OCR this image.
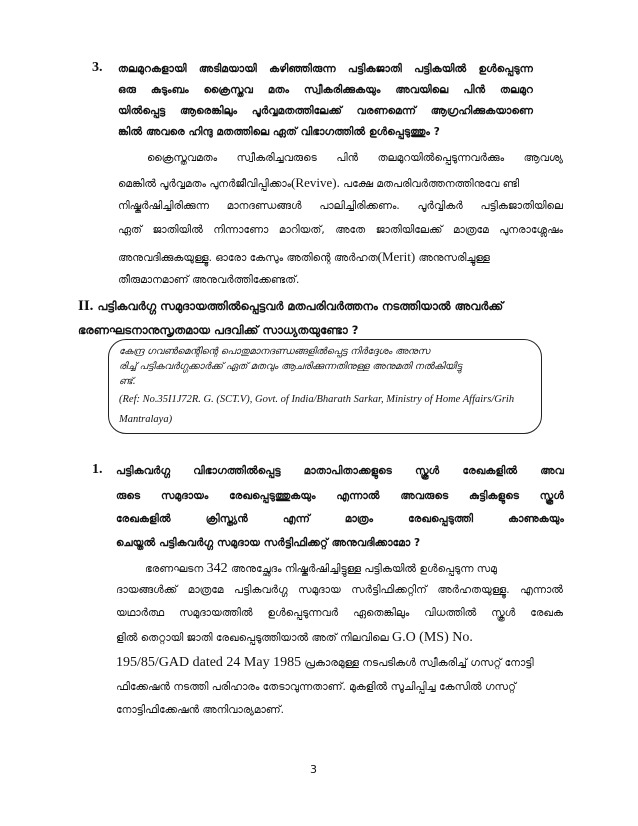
3. തലമുറകളായി അടിമയായി കഴിഞ്ഞിരുന്ന പട്ടികജാതി പട്ടികയിൽ ഉൾപ്പെടുന്ന
ഒരു കുടുംബം ക്രൈസ്തവ മതം സ്വീകരിക്കുകയും അവയിലെ പിൻ തലമുറ
യിൽപ്പെട്ട ആരെങ്കിലും പൂർവ്വമതത്തിലേക്ക് വരണമെന്ന് ആഗ്രഹിക്കുകയാണെ
ങ്കിൽ അവരെ ഹിന്ദു മതത്തിലെ ഏത് വിഭാഗത്തിൽ ഉൾപ്പെടുത്തും ?
ക്രൈസ്തവമതം സ്വീകരിച്ചവരുടെ പിൻ തലമുറയിൽപ്പെടുന്നവർക്കും ആവശ്യ
മെങ്കിൽ പൂർവ്വമതം പുനർജീവിപ്പിക്കാം(Revive). പക്ഷേ മതപരിവർത്തനത്തിനുവേ ണ്ടി
നിഷ്കർഷിച്ചിരിക്കുന്ന മാനദണ്ഡങ്ങൾ പാലിച്ചിരിക്കണം. പൂർവ്വികർ പട്ടികജാതിയിലെ
ഏത് ജാതിയിൽ നിന്നാണോ മാറിയത്, അതേ ജാതിയിലേക്ക് മാത്രമേ പുനരാശ്ലേഷം
അനുവദിക്കുകയുള്ളൂ. ഓരോ കേസും അതിന്റെ അർഹത(Merit) അനുസരിച്ചുള്ള
തീരുമാനമാണ് അനുവർത്തിക്കേണ്ടത്.
II. പട്ടികവർഗ്ഗ സമുദായത്തിൽപ്പെട്ടവർ മതപരിവർത്തനം നടത്തിയാൽ അവർക്ക്
ഭരണഘടനാനുസൃതമായ പദവിക്ക് സാധ്യതയുണ്ടോ ?
കേന്ദ്ര ഗവൺമെന്റിന്റെ പൊതുമാനദണ്ഡങ്ങളിൽപ്പെട്ട നിർദ്ദേശം അനുസ
രിച്ച് പട്ടികവർഗ്ഗക്കാർക്ക് ഏത് മതവും ആചരിക്കുന്നതിനുള്ള അനുമതി നൽകിയിട്ടു
ണ്ട്.
(Ref: No.35I1J72R. G. (SCT.V), Govt. of India/Bharath Sarkar, Ministry of Home Affairs/Grih
Mantralaya)
1. പട്ടികവർഗ്ഗ വിഭാഗത്തിൽപ്പെട്ട മാതാപിതാക്കളുടെ സ്കൂൾ രേഖകളിൽ അവ
രുടെ സമുദായം രേഖപ്പെടുത്തുകയും എന്നാൽ അവരുടെ കുട്ടികളുടെ സ്കൂൾ
രേഖകളിൽ ക്രിസ്ത്യൻ എന്ന് മാത്രം രേഖപ്പെടുത്തി കാണുകയും
ചെയ്തൽ പട്ടികവർഗ്ഗ സമുദായ സർട്ടിഫിക്കറ്റ് അനുവദിക്കാമോ ?
ഭരണഘടന 342 അനുച്ഛേദം നിഷ്കർഷിച്ചിട്ടുള്ള പട്ടികയിൽ ഉൾപ്പെടുന്ന സമു
ദായങ്ങൾക്ക് മാത്രമേ പട്ടികവർഗ്ഗ സമുദായ സർട്ടിഫിക്കറ്റിന് അർഹതയുള്ളൂ. എന്നാൽ
യഥാർത്ഥ സമുദായത്തിൽ ഉൾപ്പെടുന്നവർ ഏതെങ്കിലും വിധത്തിൽ സ്കൂൾ രേഖക
ളിൽ തെറ്റായി ജാതി രേഖപ്പെടുത്തിയാൽ അത് നിലവിലെ G.O (MS) No.
195/85/GAD dated 24 May 1985 പ്രകാരമുള്ള നടപടികൾ സ്വീകരിച്ച് ഗസറ്റ് നോട്ടി
ഫിക്കേഷൻ നടത്തി പരിഹാരം തേടാവുന്നതാണ്. മുകളിൽ സൂചിപ്പിച്ച കേസിൽ ഗസറ്റ്
നോട്ടിഫിക്കേഷൻ അനിവാര്യമാണ്.
3
